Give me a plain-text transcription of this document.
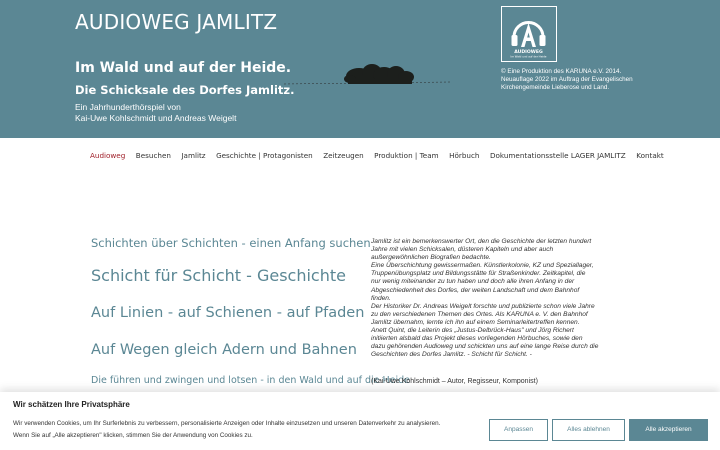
AUDIOWEG JAMLITZ
Im Wald und auf der Heide.
Die Schicksale des Dorfes Jamlitz.
Ein Jahrhunderthörspiel von
Kai-Uwe Kohlschmidt und Andreas Weigelt
AUDIOWEG
Im Wald und auf der Heide
© Eine Produktion des KARUNA e.V. 2014.
Neuauflage 2022 im Auftrag der Evangelischen
Kirchengemeinde Lieberose und Land.
Audioweg Besuchen Jamlitz Geschichte | Protagonisten Zeitzeugen Produktion | Team Hörbuch Dokumentationsstelle LAGER JAMLITZ Kontakt
Schichten über Schichten - einen Anfang suchen
Schicht für Schicht - Geschichte
Auf Linien - auf Schienen - auf Pfaden
Auf Wegen gleich Adern und Bahnen
Die führen und zwingen und lotsen - in den Wald und auf die Heide
Jamlitz ist ein bemerkenswerter Ort, den die Geschichte der letzten hundert
Jahre mit vielen Schicksalen, düsteren Kapiteln und aber auch
außergewöhnlichen Biografien bedachte.
Eine Überschichtung gewissermaßen. Künstlerkolonie, KZ und Speziallager,
Truppenübungsplatz und Bildungsstätte für Straßenkinder. Zeitkapitel, die
nur wenig miteinander zu tun haben und doch alle ihren Anfang in der
Abgeschiedenheit des Dorfes, der weiten Landschaft und dem Bahnhof
finden.
Der Historiker Dr. Andreas Weigelt forschte und publizierte schon viele Jahre
zu den verschiedenen Themen des Ortes. Als KARUNA e. V. den Bahnhof
Jamlitz übernahm, lernte ich ihn auf einem Seminarleitertreffen kennen.
Anett Quint, die Leiterin des „Justus-Delbrück-Haus" und Jörg Richert
initiierten alsbald das Projekt dieses vorliegenden Hörbuches, sowie den
dazu gehörenden Audioweg und schickten uns auf eine lange Reise durch die
Geschichten des Dorfes Jamlitz. - Schicht für Schicht. -
(Kai-Uwe Kohlschmidt – Autor, Regisseur, Komponist)
Wir schätzen Ihre Privatsphäre
Wir verwenden Cookies, um Ihr Surferlebnis zu verbessern, personalisierte Anzeigen oder Inhalte einzusetzen und unseren Datenverkehr zu analysieren.
Wenn Sie auf „Alle akzeptieren" klicken, stimmen Sie der Anwendung von Cookies zu.
Anpassen	Alles ablehnen	Alle akzeptieren
